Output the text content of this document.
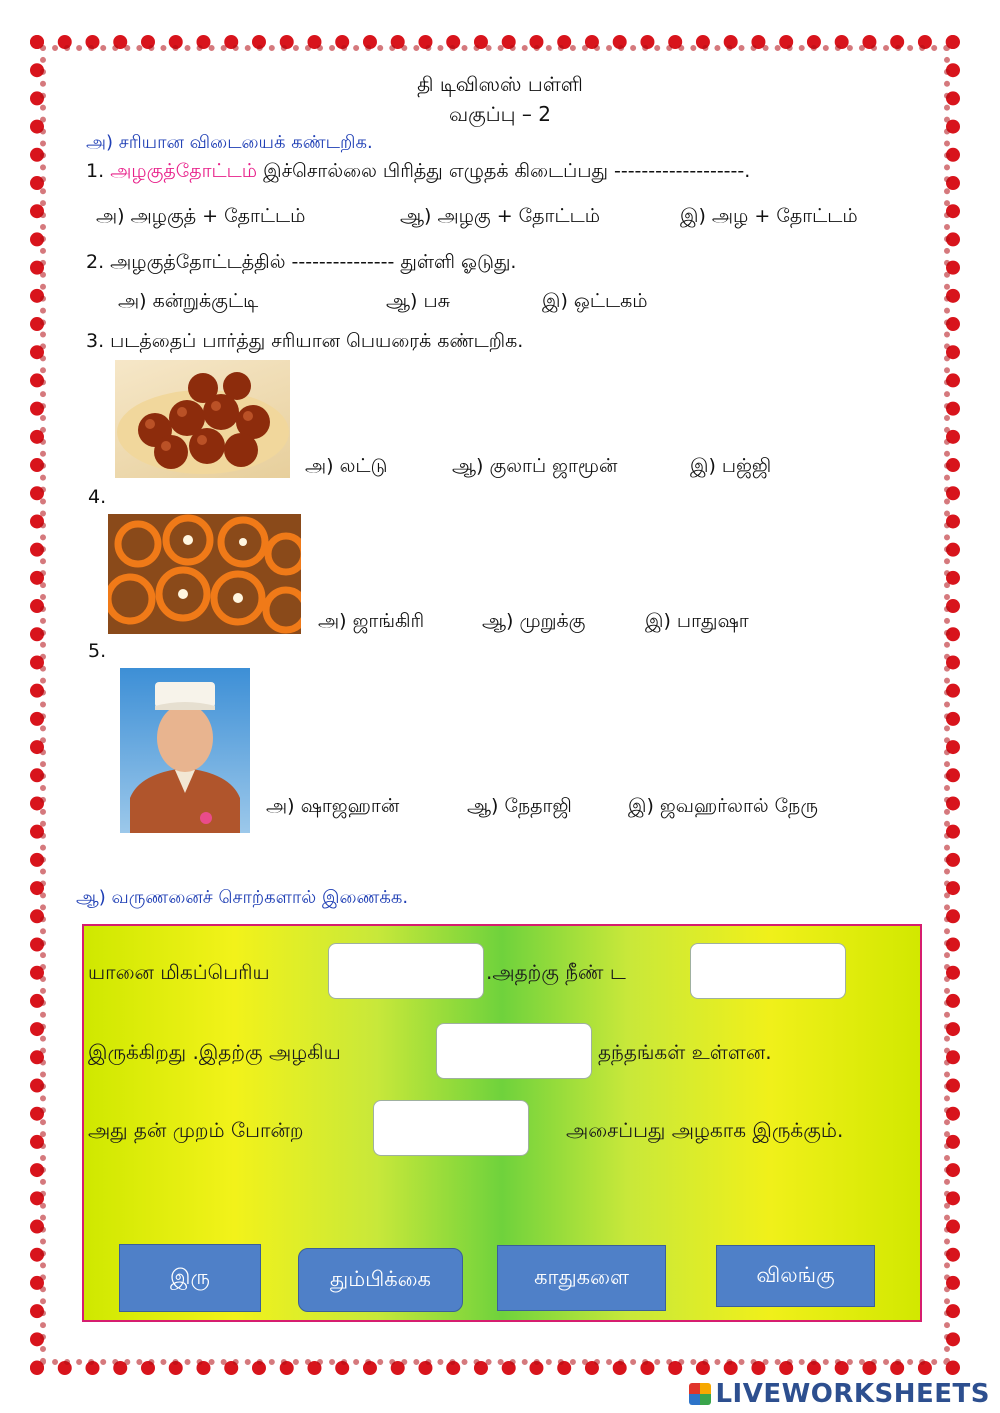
தி டிவிஸஸ் பள்ளி
வகுப்பு – 2
அ) சரியான விடையைக் கண்டறிக.
1. அழகுத்தோட்டம் இச்சொல்லை பிரித்து எழுதக் கிடைப்பது -------------------.
அ) அழகுத் + தோட்டம்	ஆ) அழகு + தோட்டம்	இ) அழ + தோட்டம்
2. அழகுத்தோட்டத்தில் --------------- துள்ளி ஓடுது.
அ) கன்றுக்குட்டி	ஆ) பசு	இ) ஒட்டகம்
3. படத்தைப் பார்த்து சரியான பெயரைக் கண்டறிக.
அ) லட்டு	ஆ) குலாப் ஜாமூன்	இ) பஜ்ஜி
4.
அ) ஜாங்கிரி	ஆ) முறுக்கு	இ) பாதுஷா
5.
அ) ஷாஜஹான்	ஆ) நேதாஜி	இ) ஜவஹர்லால் நேரு
ஆ) வருணனைச் சொற்களால் இணைக்க.
யானை மிகப்பெரிய	.அதற்கு நீண் ட
இருக்கிறது .இதற்கு அழகிய	தந்தங்கள் உள்ளன.
அது தன் முறம் போன்ற	அசைப்பது அழகாக இருக்கும்.
இரு	தும்பிக்கை	காதுகளை	விலங்கு
LIVEWORKSHEETS
